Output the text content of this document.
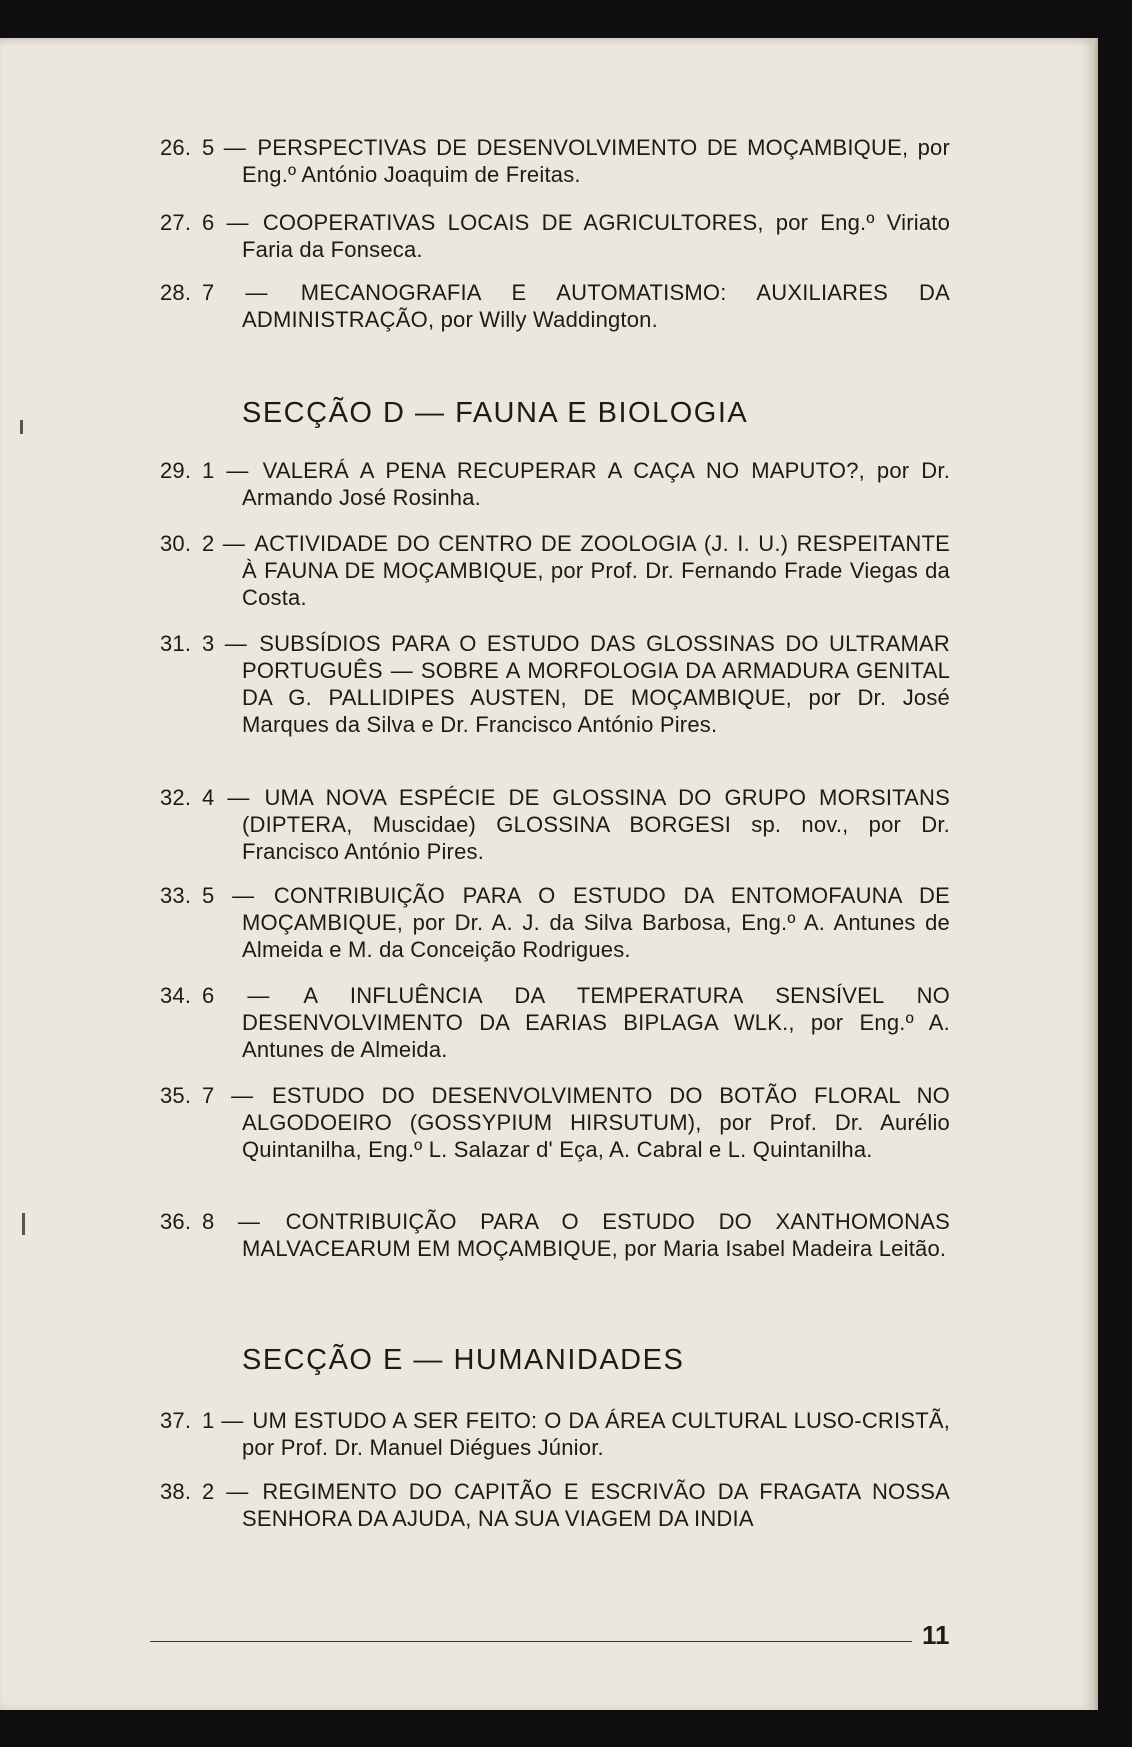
26. 5 — PERSPECTIVAS DE DESENVOLVIMENTO DE MOÇAMBIQUE, por Eng.º António Joaquim de Freitas.
27. 6 — COOPERATIVAS LOCAIS DE AGRICULTORES, por Eng.º Viriato Faria da Fonseca.
28. 7 — MECANOGRAFIA E AUTOMATISMO: AUXILIARES DA ADMINISTRAÇÃO, por Willy Waddington.
SECÇÃO D — FAUNA E BIOLOGIA
29. 1 — VALERÁ A PENA RECUPERAR A CAÇA NO MAPUTO?, por Dr. Armando José Rosinha.
30. 2 — ACTIVIDADE DO CENTRO DE ZOOLOGIA (J. I. U.) RESPEITANTE À FAUNA DE MOÇAMBIQUE, por Prof. Dr. Fernando Frade Viegas da Costa.
31. 3 — SUBSÍDIOS PARA O ESTUDO DAS GLOSSINAS DO ULTRAMAR PORTUGUÊS — SOBRE A MORFOLOGIA DA ARMADURA GENITAL DA G. PALLIDIPES AUSTEN, DE MOÇAMBIQUE, por Dr. José Marques da Silva e Dr. Francisco António Pires.
32. 4 — UMA NOVA ESPÉCIE DE GLOSSINA DO GRUPO MORSITANS (DIPTERA, Muscidae) GLOSSINA BORGESI sp. nov., por Dr. Francisco António Pires.
33. 5 — CONTRIBUIÇÃO PARA O ESTUDO DA ENTOMOFAUNA DE MOÇAMBIQUE, por Dr. A. J. da Silva Barbosa, Eng.º A. Antunes de Almeida e M. da Conceição Rodrigues.
34. 6 — A INFLUÊNCIA DA TEMPERATURA SENSÍVEL NO DESENVOLVIMENTO DA EARIAS BIPLAGA WLK., por Eng.º A. Antunes de Almeida.
35. 7 — ESTUDO DO DESENVOLVIMENTO DO BOTÃO FLORAL NO ALGODOEIRO (GOSSYPIUM HIRSUTUM), por Prof. Dr. Aurélio Quintanilha, Eng.º L. Salazar d' Eça, A. Cabral e L. Quintanilha.
36. 8 — CONTRIBUIÇÃO PARA O ESTUDO DO XANTHOMONAS MALVACEARUM EM MOÇAMBIQUE, por Maria Isabel Madeira Leitão.
SECÇÃO E — HUMANIDADES
37. 1 — UM ESTUDO A SER FEITO: O DA ÁREA CULTURAL LUSO-CRISTÃ, por Prof. Dr. Manuel Diégues Júnior.
38. 2 — REGIMENTO DO CAPITÃO E ESCRIVÃO DA FRAGATA NOSSA SENHORA DA AJUDA, NA SUA VIAGEM DA INDIA
11
